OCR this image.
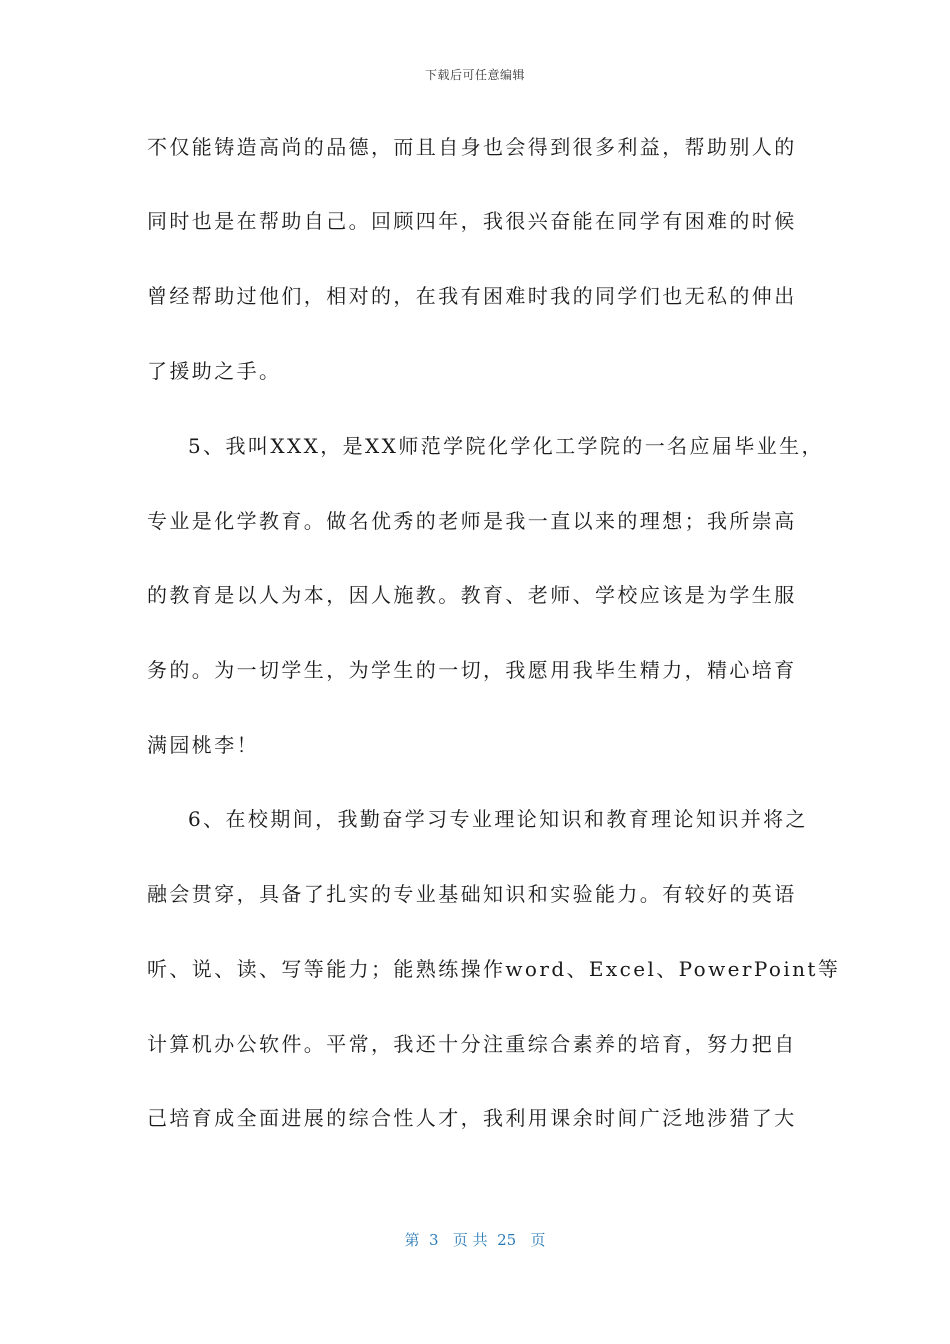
下载后可任意编辑
不仅能铸造高尚的品德，而且自身也会得到很多利益，帮助别人的
同时也是在帮助自己。回顾四年，我很兴奋能在同学有困难的时候
曾经帮助过他们，相对的，在我有困难时我的同学们也无私的伸出
了援助之手。
5、我叫XXX，是XX师范学院化学化工学院的一名应届毕业生，
专业是化学教育。做名优秀的老师是我一直以来的理想；我所崇高
的教育是以人为本，因人施教。教育、老师、学校应该是为学生服
务的。为一切学生，为学生的一切，我愿用我毕生精力，精心培育
满园桃李！
6、在校期间，我勤奋学习专业理论知识和教育理论知识并将之
融会贯穿，具备了扎实的专业基础知识和实验能力。有较好的英语
听、说、读、写等能力；能熟练操作word、Excel、PowerPoint等
计算机办公软件。平常，我还十分注重综合素养的培育，努力把自
己培育成全面进展的综合性人才，我利用课余时间广泛地涉猎了大
第  3   页 共  25   页
